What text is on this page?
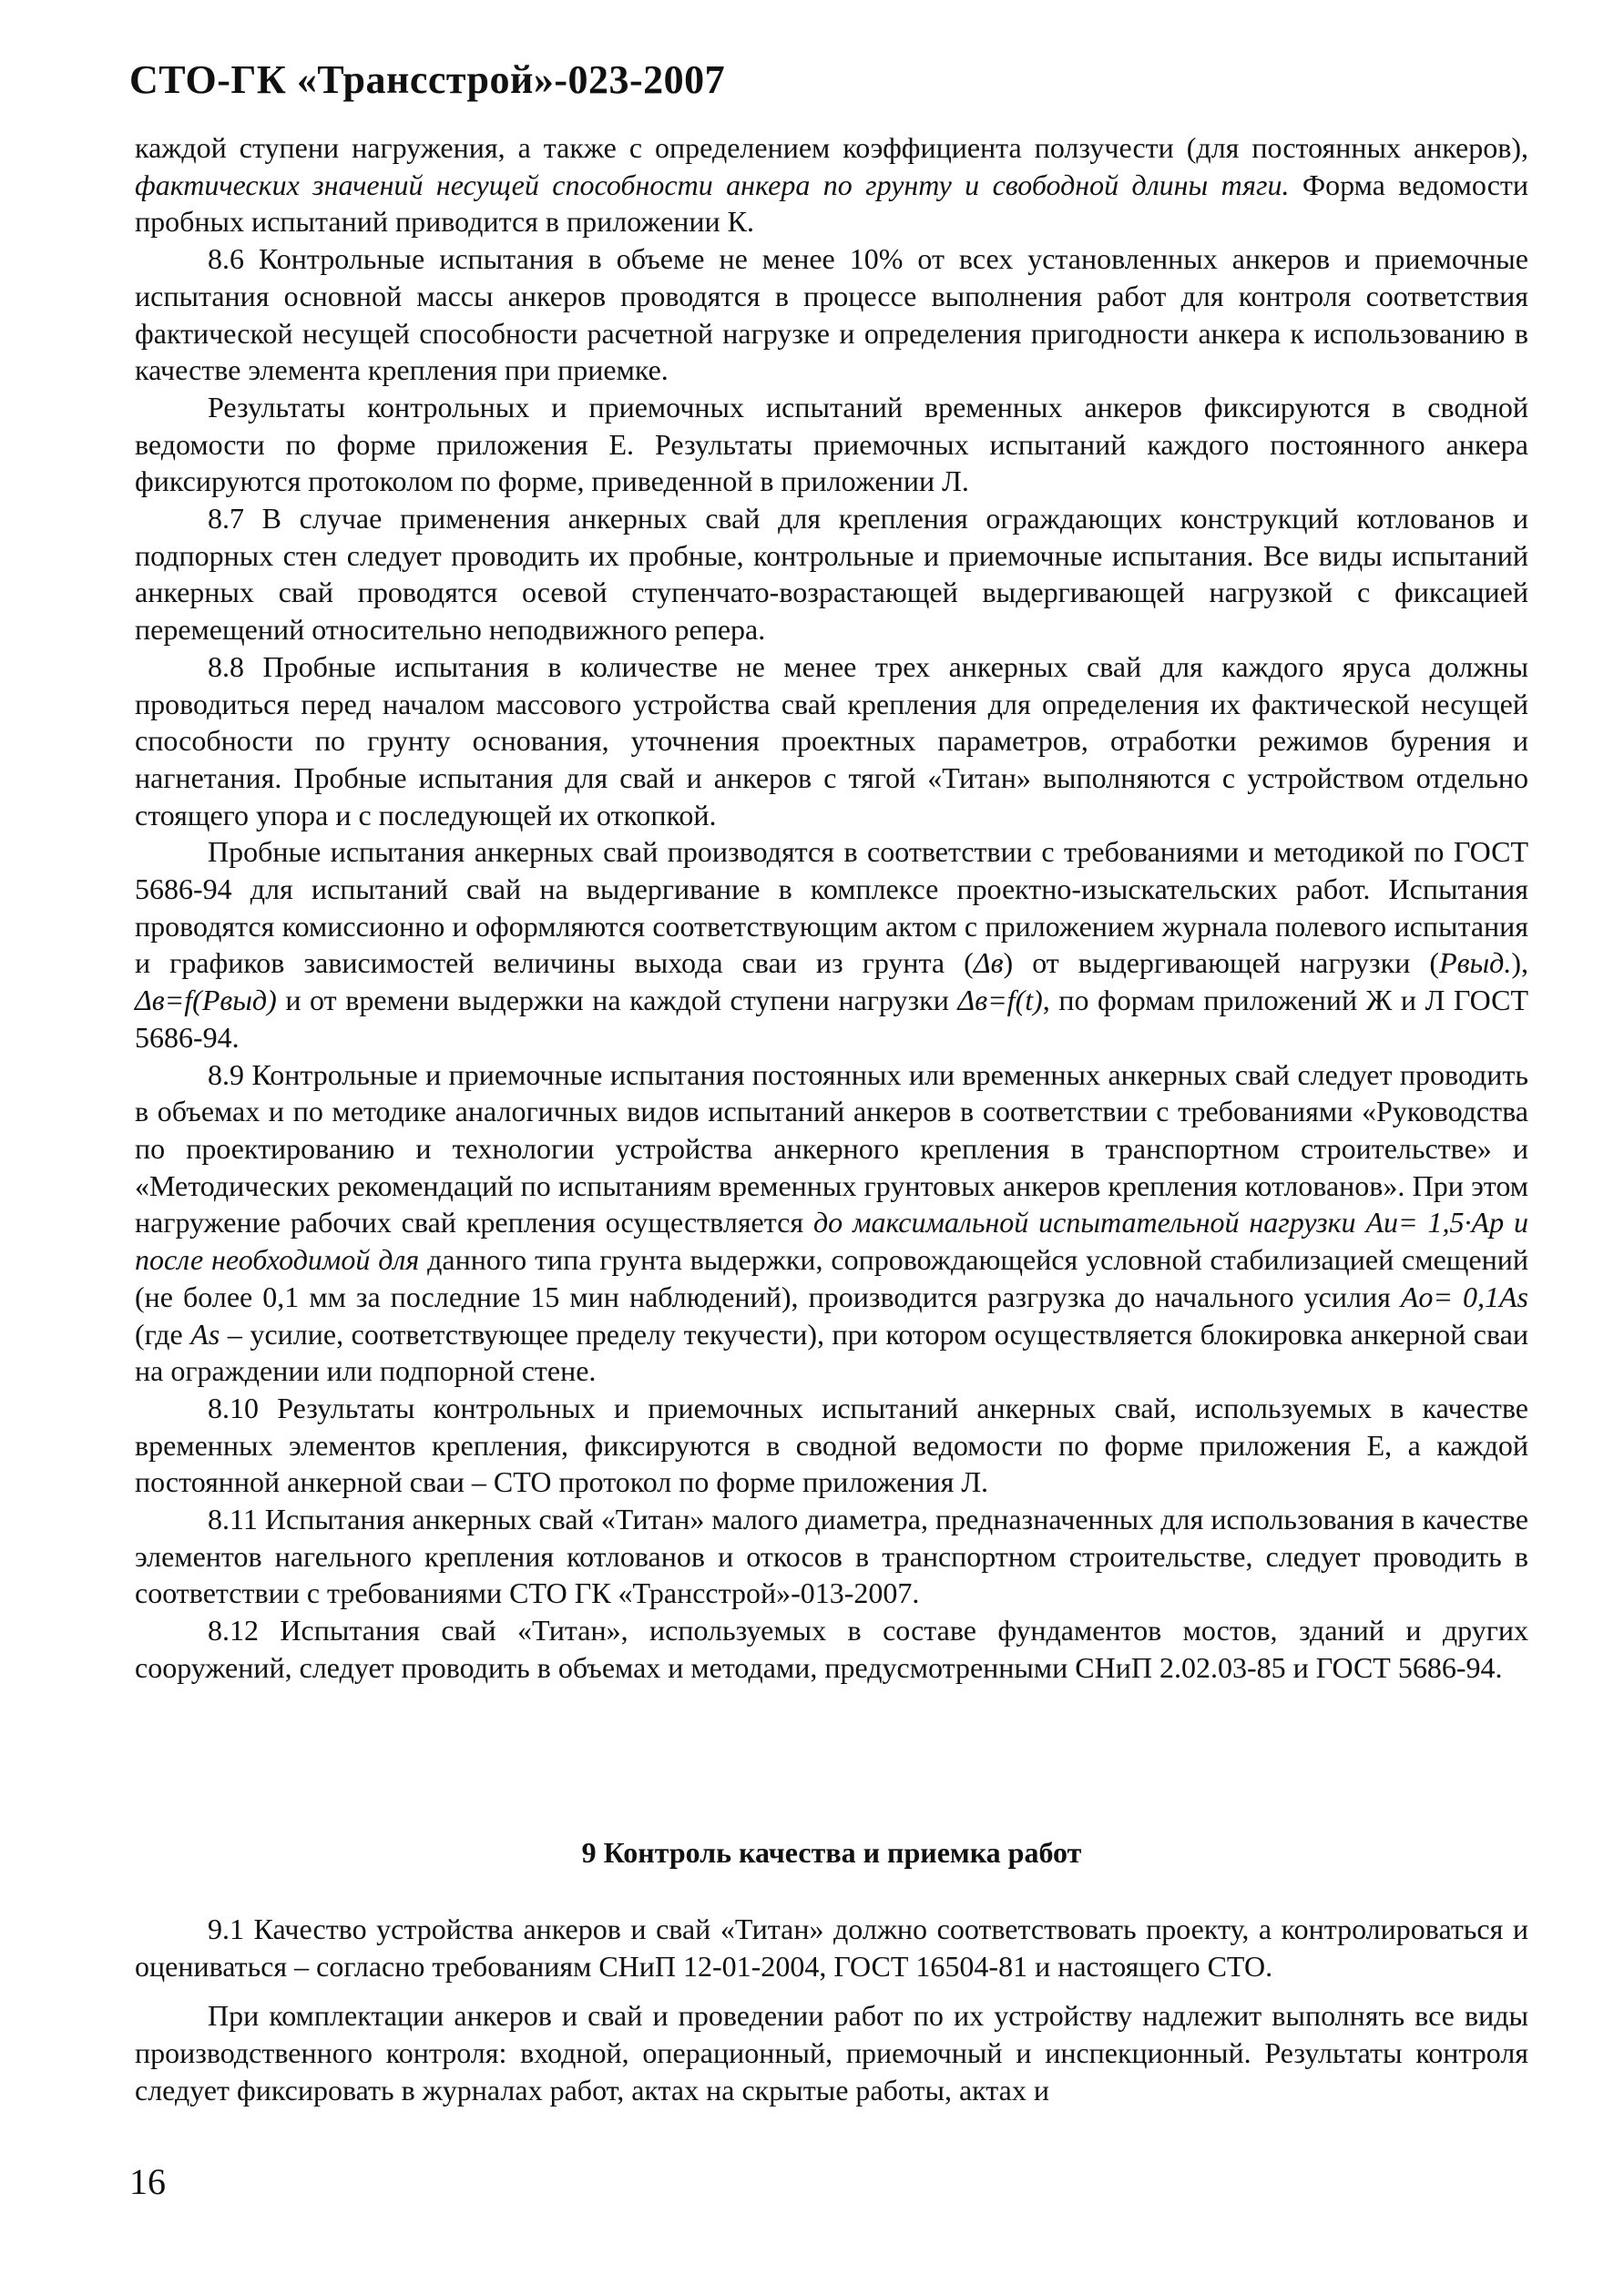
СТО-ГК «Трансстрой»-023-2007

каждой ступени нагружения, а также с определением коэффициента ползучести (для постоянных анкеров), фактических значений несущей способности анкера по грунту и свободной длины тяги. Форма ведомости пробных испытаний приводится в приложении К.

8.6 Контрольные испытания в объеме не менее 10% от всех установленных анкеров и приемочные испытания основной массы анкеров проводятся в процессе выполнения работ для контроля соответствия фактической несущей способности расчетной нагрузке и определения пригодности анкера к использованию в качестве элемента крепления при приемке.

Результаты контрольных и приемочных испытаний временных анкеров фиксируются в сводной ведомости по форме приложения Е. Результаты приемочных испытаний каждого постоянного анкера фиксируются протоколом по форме, приведенной в приложении Л.

8.7 В случае применения анкерных свай для крепления ограждающих конструкций котлованов и подпорных стен следует проводить их пробные, контрольные и приемочные испытания. Все виды испытаний анкерных свай проводятся осевой ступенчато-возрастающей выдергивающей нагрузкой с фиксацией перемещений относительно неподвижного репера.

8.8 Пробные испытания в количестве не менее трех анкерных свай для каждого яруса должны проводиться перед началом массового устройства свай крепления для определения их фактической несущей способности по грунту основания, уточнения проектных параметров, отработки режимов бурения и нагнетания. Пробные испытания для свай и анкеров с тягой «Титан» выполняются с устройством отдельно стоящего упора и с последующей их откопкой.

Пробные испытания анкерных свай производятся в соответствии с требованиями и методикой по ГОСТ 5686-94 для испытаний свай на выдергивание в комплексе проектно-изыскательских работ. Испытания проводятся комиссионно и оформляются соответствующим актом с приложением журнала полевого испытания и графиков зависимостей величины выхода сваи из грунта (Δв) от выдергивающей нагрузки (Pвыд.), Δв=f(Pвыд) и от времени выдержки на каждой ступени нагрузки Δв=f(t), по формам приложений Ж и Л ГОСТ 5686-94.

8.9 Контрольные и приемочные испытания постоянных или временных анкерных свай следует проводить в объемах и по методике аналогичных видов испытаний анкеров в соответствии с требованиями «Руководства по проектированию и технологии устройства анкерного крепления в транспортном строительстве» и «Методических рекомендаций по испытаниям временных грунтовых анкеров крепления котлованов». При этом нагружение рабочих свай крепления осуществляется до максимальной испытательной нагрузки Au= 1,5·Ap и после необходимой для данного типа грунта выдержки, сопровождающейся условной стабилизацией смещений (не более 0,1 мм за последние 15 мин наблюдений), производится разгрузка до начального усилия Ao= 0,1As (где As – усилие, соответствующее пределу текучести), при котором осуществляется блокировка анкерной сваи на ограждении или подпорной стене.

8.10 Результаты контрольных и приемочных испытаний анкерных свай, используемых в качестве временных элементов крепления, фиксируются в сводной ведомости по форме приложения Е, а каждой постоянной анкерной сваи – СТО протокол по форме приложения Л.

8.11 Испытания анкерных свай «Титан» малого диаметра, предназначенных для использования в качестве элементов нагельного крепления котлованов и откосов в транспортном строительстве, следует проводить в соответствии с требованиями СТО ГК «Трансстрой»-013-2007.

8.12 Испытания свай «Титан», используемых в составе фундаментов мостов, зданий и других сооружений, следует проводить в объемах и методами, предусмотренными СНиП 2.02.03-85 и ГОСТ 5686-94.

9 Контроль качества и приемка работ

9.1 Качество устройства анкеров и свай «Титан» должно соответствовать проекту, а контролироваться и оцениваться – согласно требованиям СНиП 12-01-2004, ГОСТ 16504-81 и настоящего СТО.

При комплектации анкеров и свай и проведении работ по их устройству надлежит выполнять все виды производственного контроля: входной, операционный, приемочный и инспекционный. Результаты контроля следует фиксировать в журналах работ, актах на скрытые работы, актах и

16
